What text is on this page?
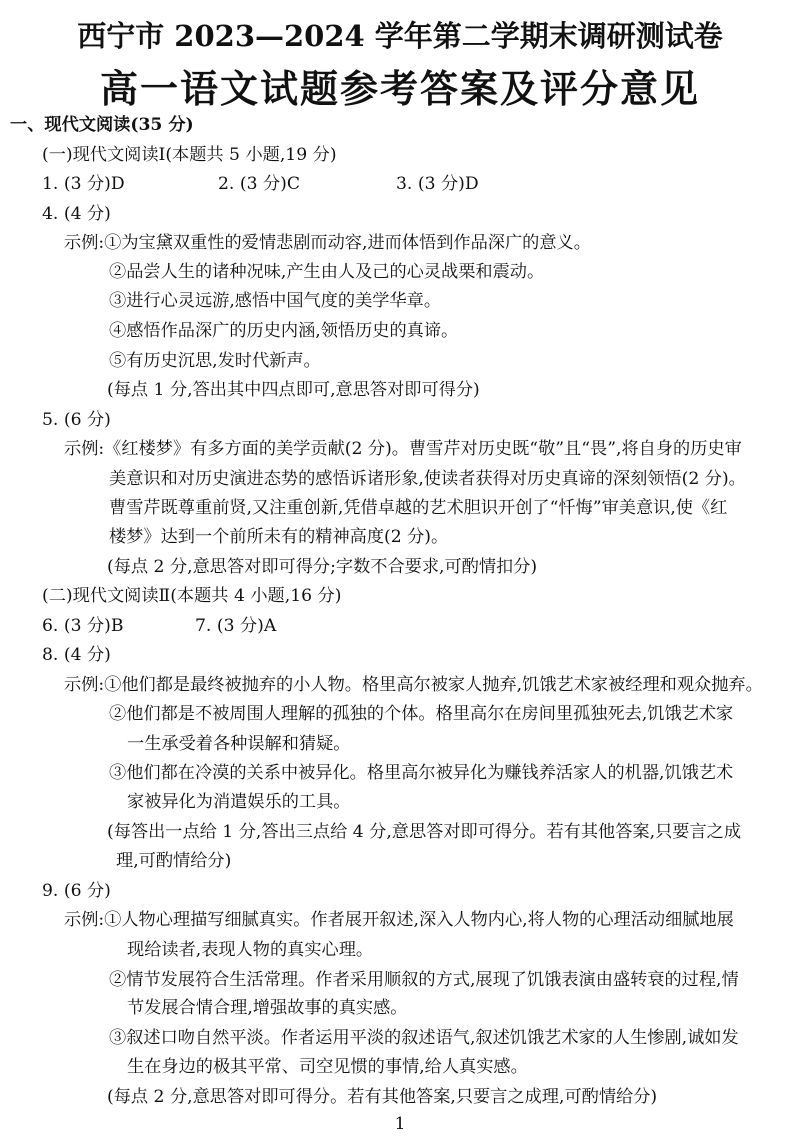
西宁市 2023—2024 学年第二学期末调研测试卷
高一语文试题参考答案及评分意见
一、现代文阅读(35 分)
(一)现代文阅读Ⅰ(本题共 5 小题,19 分)
1. (3 分)D	2. (3 分)C	3. (3 分)D
4. (4 分)
示例:①为宝黛双重性的爱情悲剧而动容,进而体悟到作品深广的意义。
②品尝人生的诸种况味,产生由人及己的心灵战栗和震动。
③进行心灵远游,感悟中国气度的美学华章。
④感悟作品深广的历史内涵,领悟历史的真谛。
⑤有历史沉思,发时代新声。
(每点 1 分,答出其中四点即可,意思答对即可得分)
5. (6 分)
示例:《红楼梦》有多方面的美学贡献(2 分)。曹雪芹对历史既“敬”且“畏”,将自身的历史审
美意识和对历史演进态势的感悟诉诸形象,使读者获得对历史真谛的深刻领悟(2 分)。
曹雪芹既尊重前贤,又注重创新,凭借卓越的艺术胆识开创了“忏悔”审美意识,使《红
楼梦》达到一个前所未有的精神高度(2 分)。
(每点 2 分,意思答对即可得分;字数不合要求,可酌情扣分)
(二)现代文阅读Ⅱ(本题共 4 小题,16 分)
6. (3 分)B	7. (3 分)A
8. (4 分)
示例:①他们都是最终被抛弃的小人物。格里高尔被家人抛弃,饥饿艺术家被经理和观众抛弃。
②他们都是不被周围人理解的孤独的个体。格里高尔在房间里孤独死去,饥饿艺术家
一生承受着各种误解和猜疑。
③他们都在冷漠的关系中被异化。格里高尔被异化为赚钱养活家人的机器,饥饿艺术
家被异化为消遣娱乐的工具。
(每答出一点给 1 分,答出三点给 4 分,意思答对即可得分。若有其他答案,只要言之成
理,可酌情给分)
9. (6 分)
示例:①人物心理描写细腻真实。作者展开叙述,深入人物内心,将人物的心理活动细腻地展
现给读者,表现人物的真实心理。
②情节发展符合生活常理。作者采用顺叙的方式,展现了饥饿表演由盛转衰的过程,情
节发展合情合理,增强故事的真实感。
③叙述口吻自然平淡。作者运用平淡的叙述语气,叙述饥饿艺术家的人生惨剧,诚如发
生在身边的极其平常、司空见惯的事情,给人真实感。
(每点 2 分,意思答对即可得分。若有其他答案,只要言之成理,可酌情给分)
1
